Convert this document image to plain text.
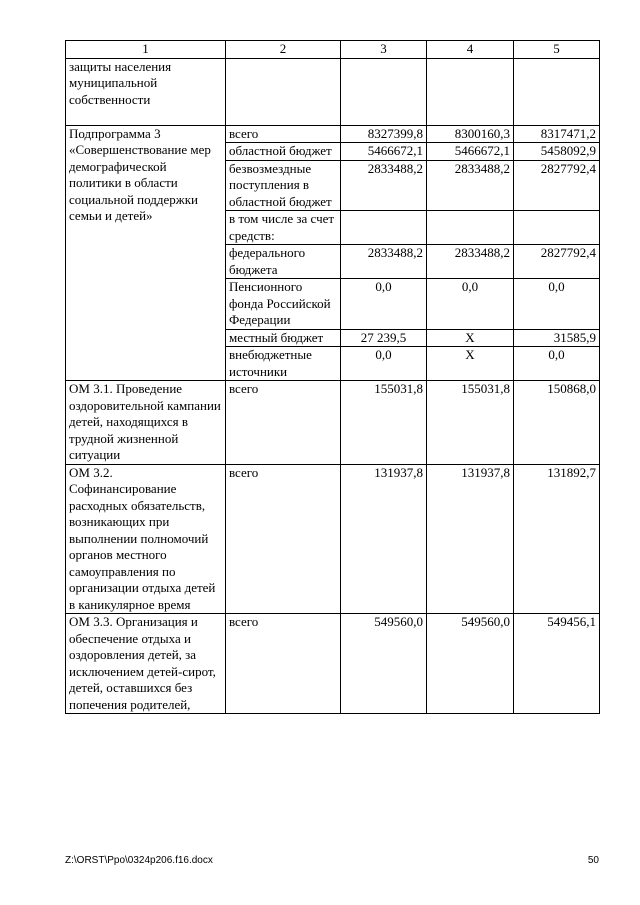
1	2	3	4	5
защиты населения муниципальной собственности				
Подпрограмма 3 «Совершенствование мер демографической политики в области социальной поддержки семьи и детей»	всего	8327399,8	8300160,3	8317471,2
	областной бюджет	5466672,1	5466672,1	5458092,9
	безвозмездные поступления в областной бюджет	2833488,2	2833488,2	2827792,4
	в том числе за счет средств:			
	федерального бюджета	2833488,2	2833488,2	2827792,4
	Пенсионного фонда Российской Федерации	0,0	0,0	0,0
	местный бюджет	27 239,5	Х	31585,9
	внебюджетные источники	0,0	Х	0,0
ОМ 3.1. Проведение оздоровительной кампании детей, находящихся в трудной жизненной ситуации	всего	155031,8	155031,8	150868,0
ОМ 3.2. Софинансирование расходных обязательств, возникающих при выполнении полномочий органов местного самоуправления по организации отдыха детей в каникулярное время	всего	131937,8	131937,8	131892,7
ОМ 3.3. Организация и обеспечение отдыха и оздоровления детей, за исключением детей-сирот, детей, оставшихся без попечения родителей,	всего	549560,0	549560,0	549456,1
Z:\ORST\Ppo\0324p206.f16.docx	50
